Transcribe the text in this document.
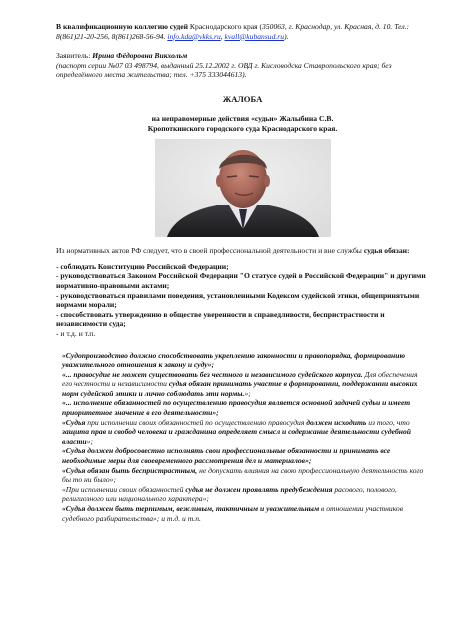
В квалификационную коллегию судей Краснодарского края (350063, г. Краснодар, ул. Красная, д. 10. Тел.: 8(861)21-20-256, 8(861)268-56-94. info.kdа@vkks.ru, kvall@kubansud.ru).

Заявитель: Ирина Фёдоровна Викхольм
(паспорт серии №07 03 498794, выданный 25.12.2002 г. ОВД г. Кисловодска Ставропольского края; без определённого места жительства; тел. +375 333044613).

ЖАЛОБА

на неправомерные действия «судьи» Жалыбина С.В.
Кропоткинского городского суда Краснодарского края.

Из нормативных актов РФ следует, что в своей профессиональной деятельности и вне службы судья обязан:

- соблюдать Конституцию Российской Федерации;
- руководствоваться Законом Российской Федерации "О статусе судей в Российской Федерации" и другими нормативно-правовыми актами;
- руководствоваться правилами поведения, установленными Кодексом судейской этики, общепринятыми нормами морали;
- способствовать утверждению в обществе уверенности в справедливости, беспристрастности и независимости суда;
- и т.д. и т.п.

«Судопроизводство должно способствовать укреплению законности и правопорядка, формированию уважительного отношения к закону и суду»;

«... правосудие не может существовать без честного и независимого судейского корпуса. Для обеспечения его честности и независимости судья обязан принимать участие в формировании, поддержании высоких норм судейской этики и лично соблюдать эти нормы.»;

«... исполнение обязанностей по осуществлению правосудия является основной задачей судьи и имеет приоритетное значение в его деятельности»;

«Судья при исполнении своих обязанностей по осуществлению правосудия должен исходить из того, что защита прав и свобод человека и гражданина определяет смысл и содержание деятельности судебной власти»;

«Судья должен добросовестно исполнять свои профессиональные обязанности и принимать все необходимые меры для своевременного рассмотрения дел и материалов»;

«Судья обязан быть беспристрастным, не допускать влияния на свою профессиональную деятельность кого бы то ни было»;

«При исполнении своих обязанностей судья не должен проявлять предубеждения расового, полового, религиозного или национального характера»;

«Судья должен быть терпимым, вежливым, тактичным и уважительным в отношении участников судебного разбирательства»; и т.д. и т.п.
